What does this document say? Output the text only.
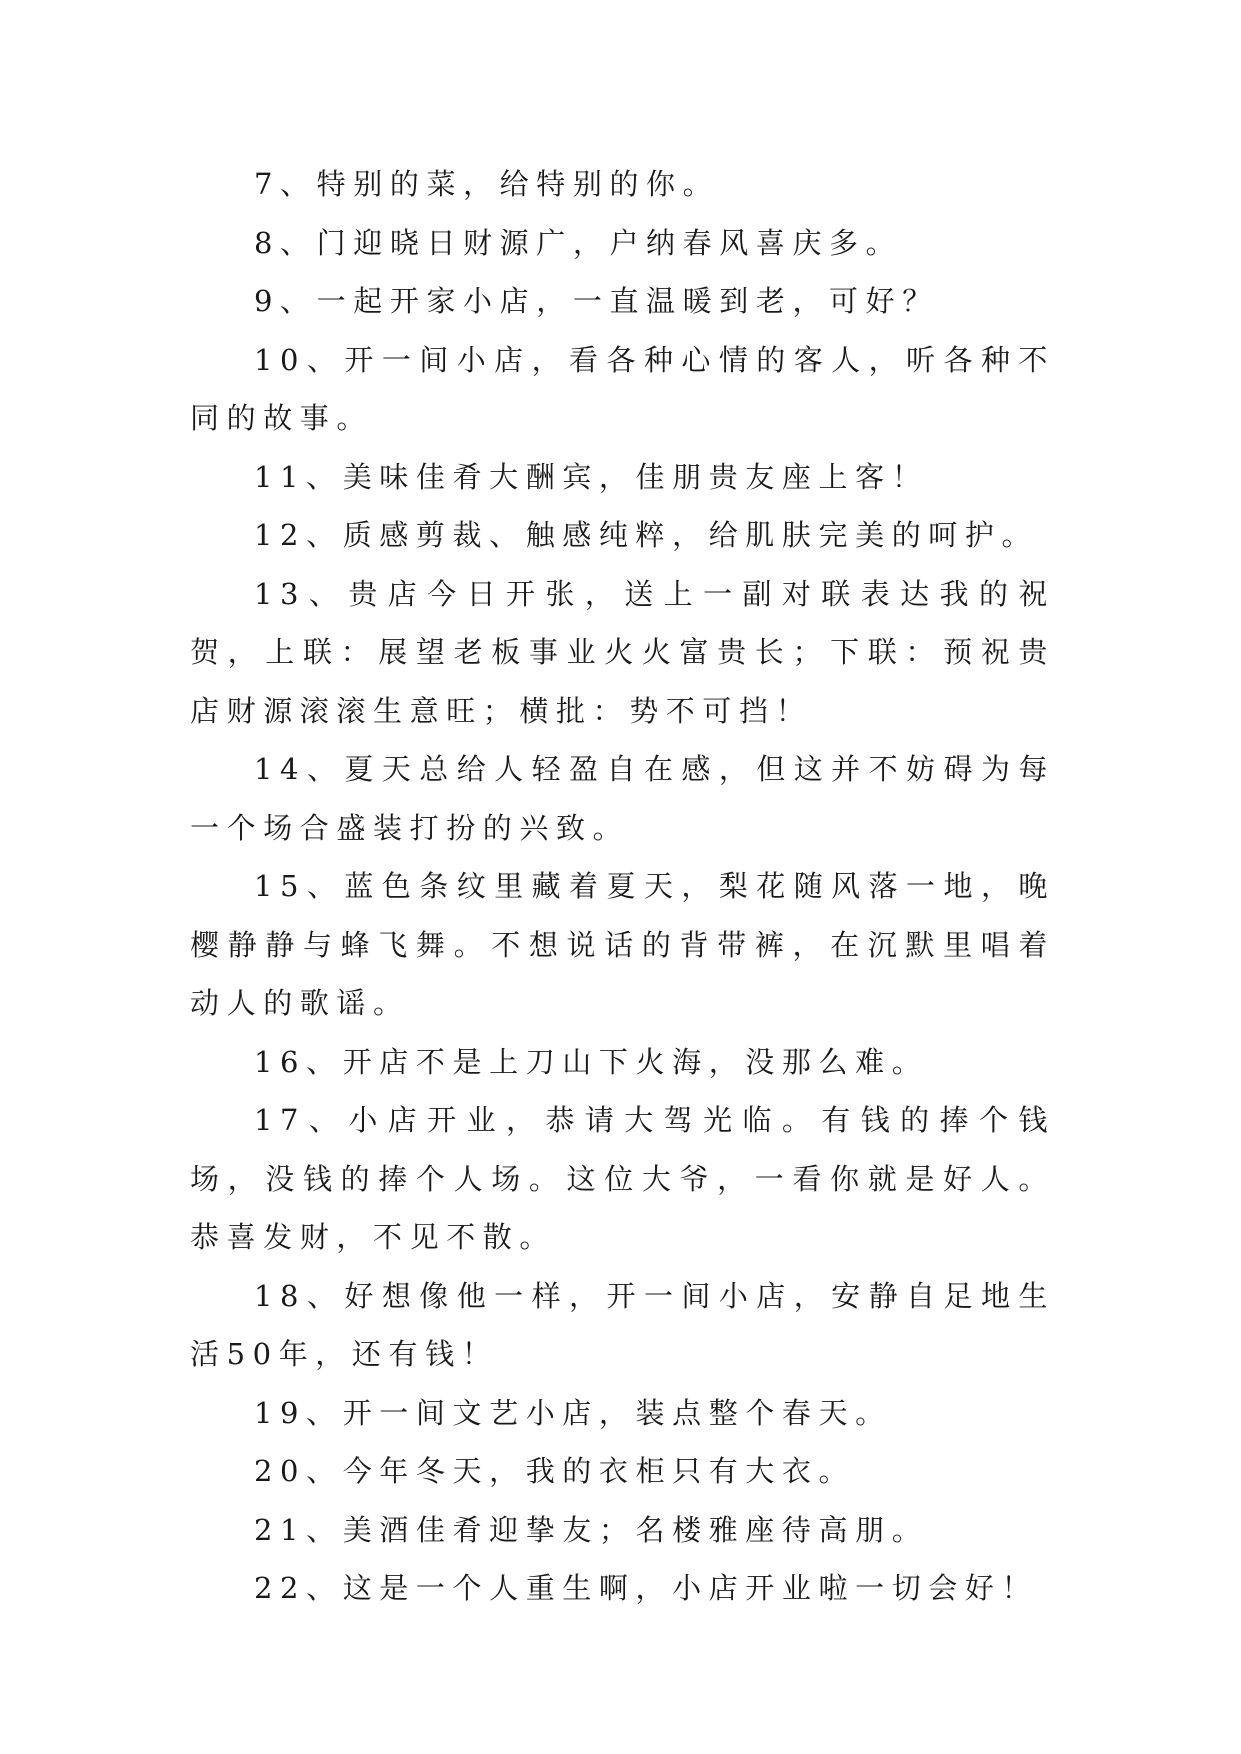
7、特别的菜，给特别的你。

8、门迎晓日财源广，户纳春风喜庆多。

9、一起开家小店，一直温暖到老，可好？

10、开一间小店，看各种心情的客人，听各种不同的故事。

11、美味佳肴大酬宾，佳朋贵友座上客！

12、质感剪裁、触感纯粹，给肌肤完美的呵护。

13、贵店今日开张，送上一副对联表达我的祝贺，上联：展望老板事业火火富贵长；下联：预祝贵店财源滚滚生意旺；横批：势不可挡！

14、夏天总给人轻盈自在感，但这并不妨碍为每一个场合盛装打扮的兴致。

15、蓝色条纹里藏着夏天，梨花随风落一地，晚樱静静与蜂飞舞。不想说话的背带裤，在沉默里唱着动人的歌谣。

16、开店不是上刀山下火海，没那么难。

17、小店开业，恭请大驾光临。有钱的捧个钱场，没钱的捧个人场。这位大爷，一看你就是好人。恭喜发财，不见不散。

18、好想像他一样，开一间小店，安静自足地生活50年，还有钱！

19、开一间文艺小店，装点整个春天。

20、今年冬天，我的衣柜只有大衣。

21、美酒佳肴迎挚友；名楼雅座待高朋。

22、这是一个人重生啊，小店开业啦一切会好！
